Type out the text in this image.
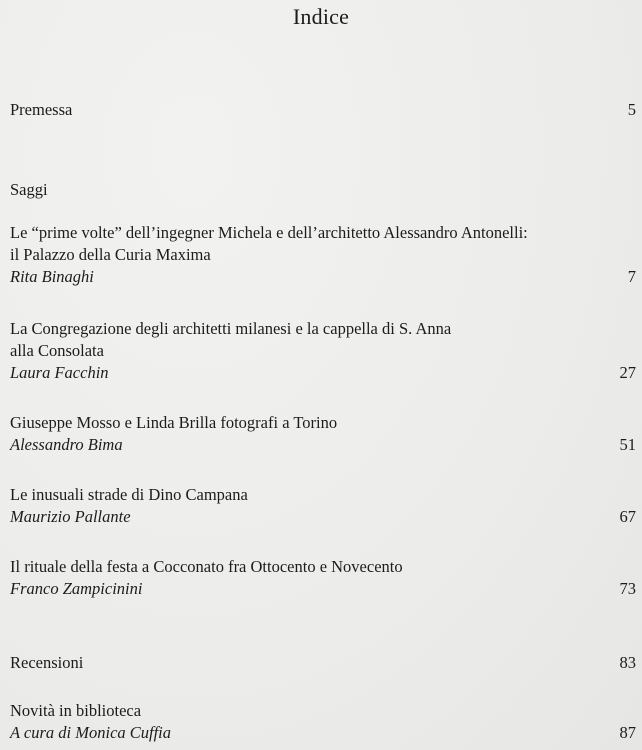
Indice
Premessa	5
Saggi
Le “prime volte” dell’ingegner Michela e dell’architetto Alessandro Antonelli:
il Palazzo della Curia Maxima
Rita Binaghi	7
La Congregazione degli architetti milanesi e la cappella di S. Anna
alla Consolata
Laura Facchin	27
Giuseppe Mosso e Linda Brilla fotografi a Torino
Alessandro Bima	51
Le inusuali strade di Dino Campana
Maurizio Pallante	67
Il rituale della festa a Cocconato fra Ottocento e Novecento
Franco Zampicinini	73
Recensioni	83
Novità in biblioteca
A cura di Monica Cuffia	87
